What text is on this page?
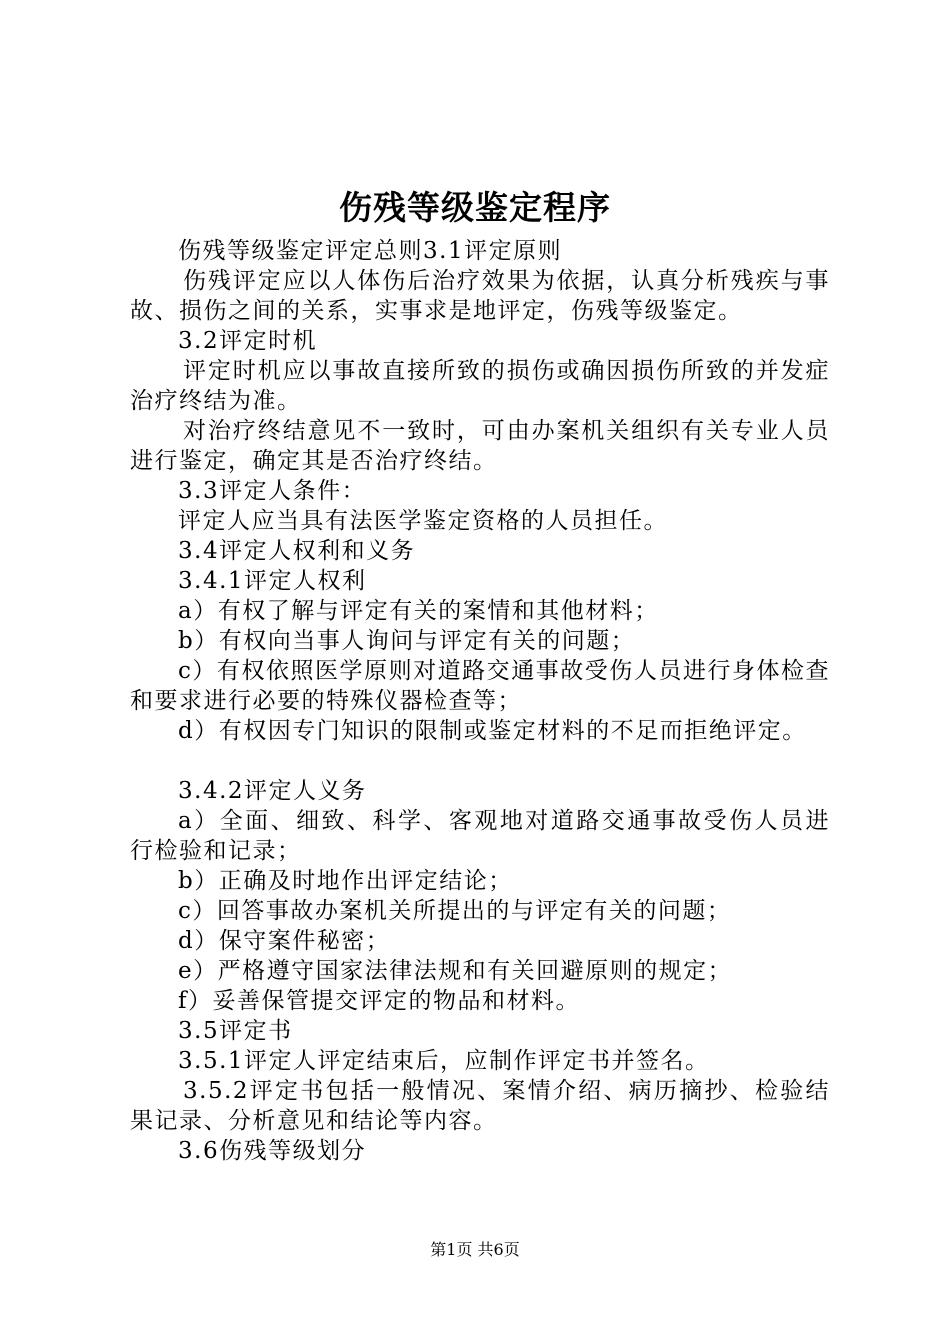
伤残等级鉴定程序

伤残等级鉴定评定总则3.1评定原则

伤残评定应以人体伤后治疗效果为依据，认真分析残疾与事故、损伤之间的关系，实事求是地评定，伤残等级鉴定。

3.2评定时机

评定时机应以事故直接所致的损伤或确因损伤所致的并发症治疗终结为准。

对治疗终结意见不一致时，可由办案机关组织有关专业人员进行鉴定，确定其是否治疗终结。

3.3评定人条件：

评定人应当具有法医学鉴定资格的人员担任。

3.4评定人权利和义务

3.4.1评定人权利

a）有权了解与评定有关的案情和其他材料；

b）有权向当事人询问与评定有关的问题；

c）有权依照医学原则对道路交通事故受伤人员进行身体检查和要求进行必要的特殊仪器检查等；

d）有权因专门知识的限制或鉴定材料的不足而拒绝评定。

3.4.2评定人义务

a）全面、细致、科学、客观地对道路交通事故受伤人员进行检验和记录；

b）正确及时地作出评定结论；

c）回答事故办案机关所提出的与评定有关的问题；

d）保守案件秘密；

e）严格遵守国家法律法规和有关回避原则的规定；

f）妥善保管提交评定的物品和材料。

3.5评定书

3.5.1评定人评定结束后，应制作评定书并签名。

3.5.2评定书包括一般情况、案情介绍、病历摘抄、检验结果记录、分析意见和结论等内容。

3.6伤残等级划分

第1页 共6页
